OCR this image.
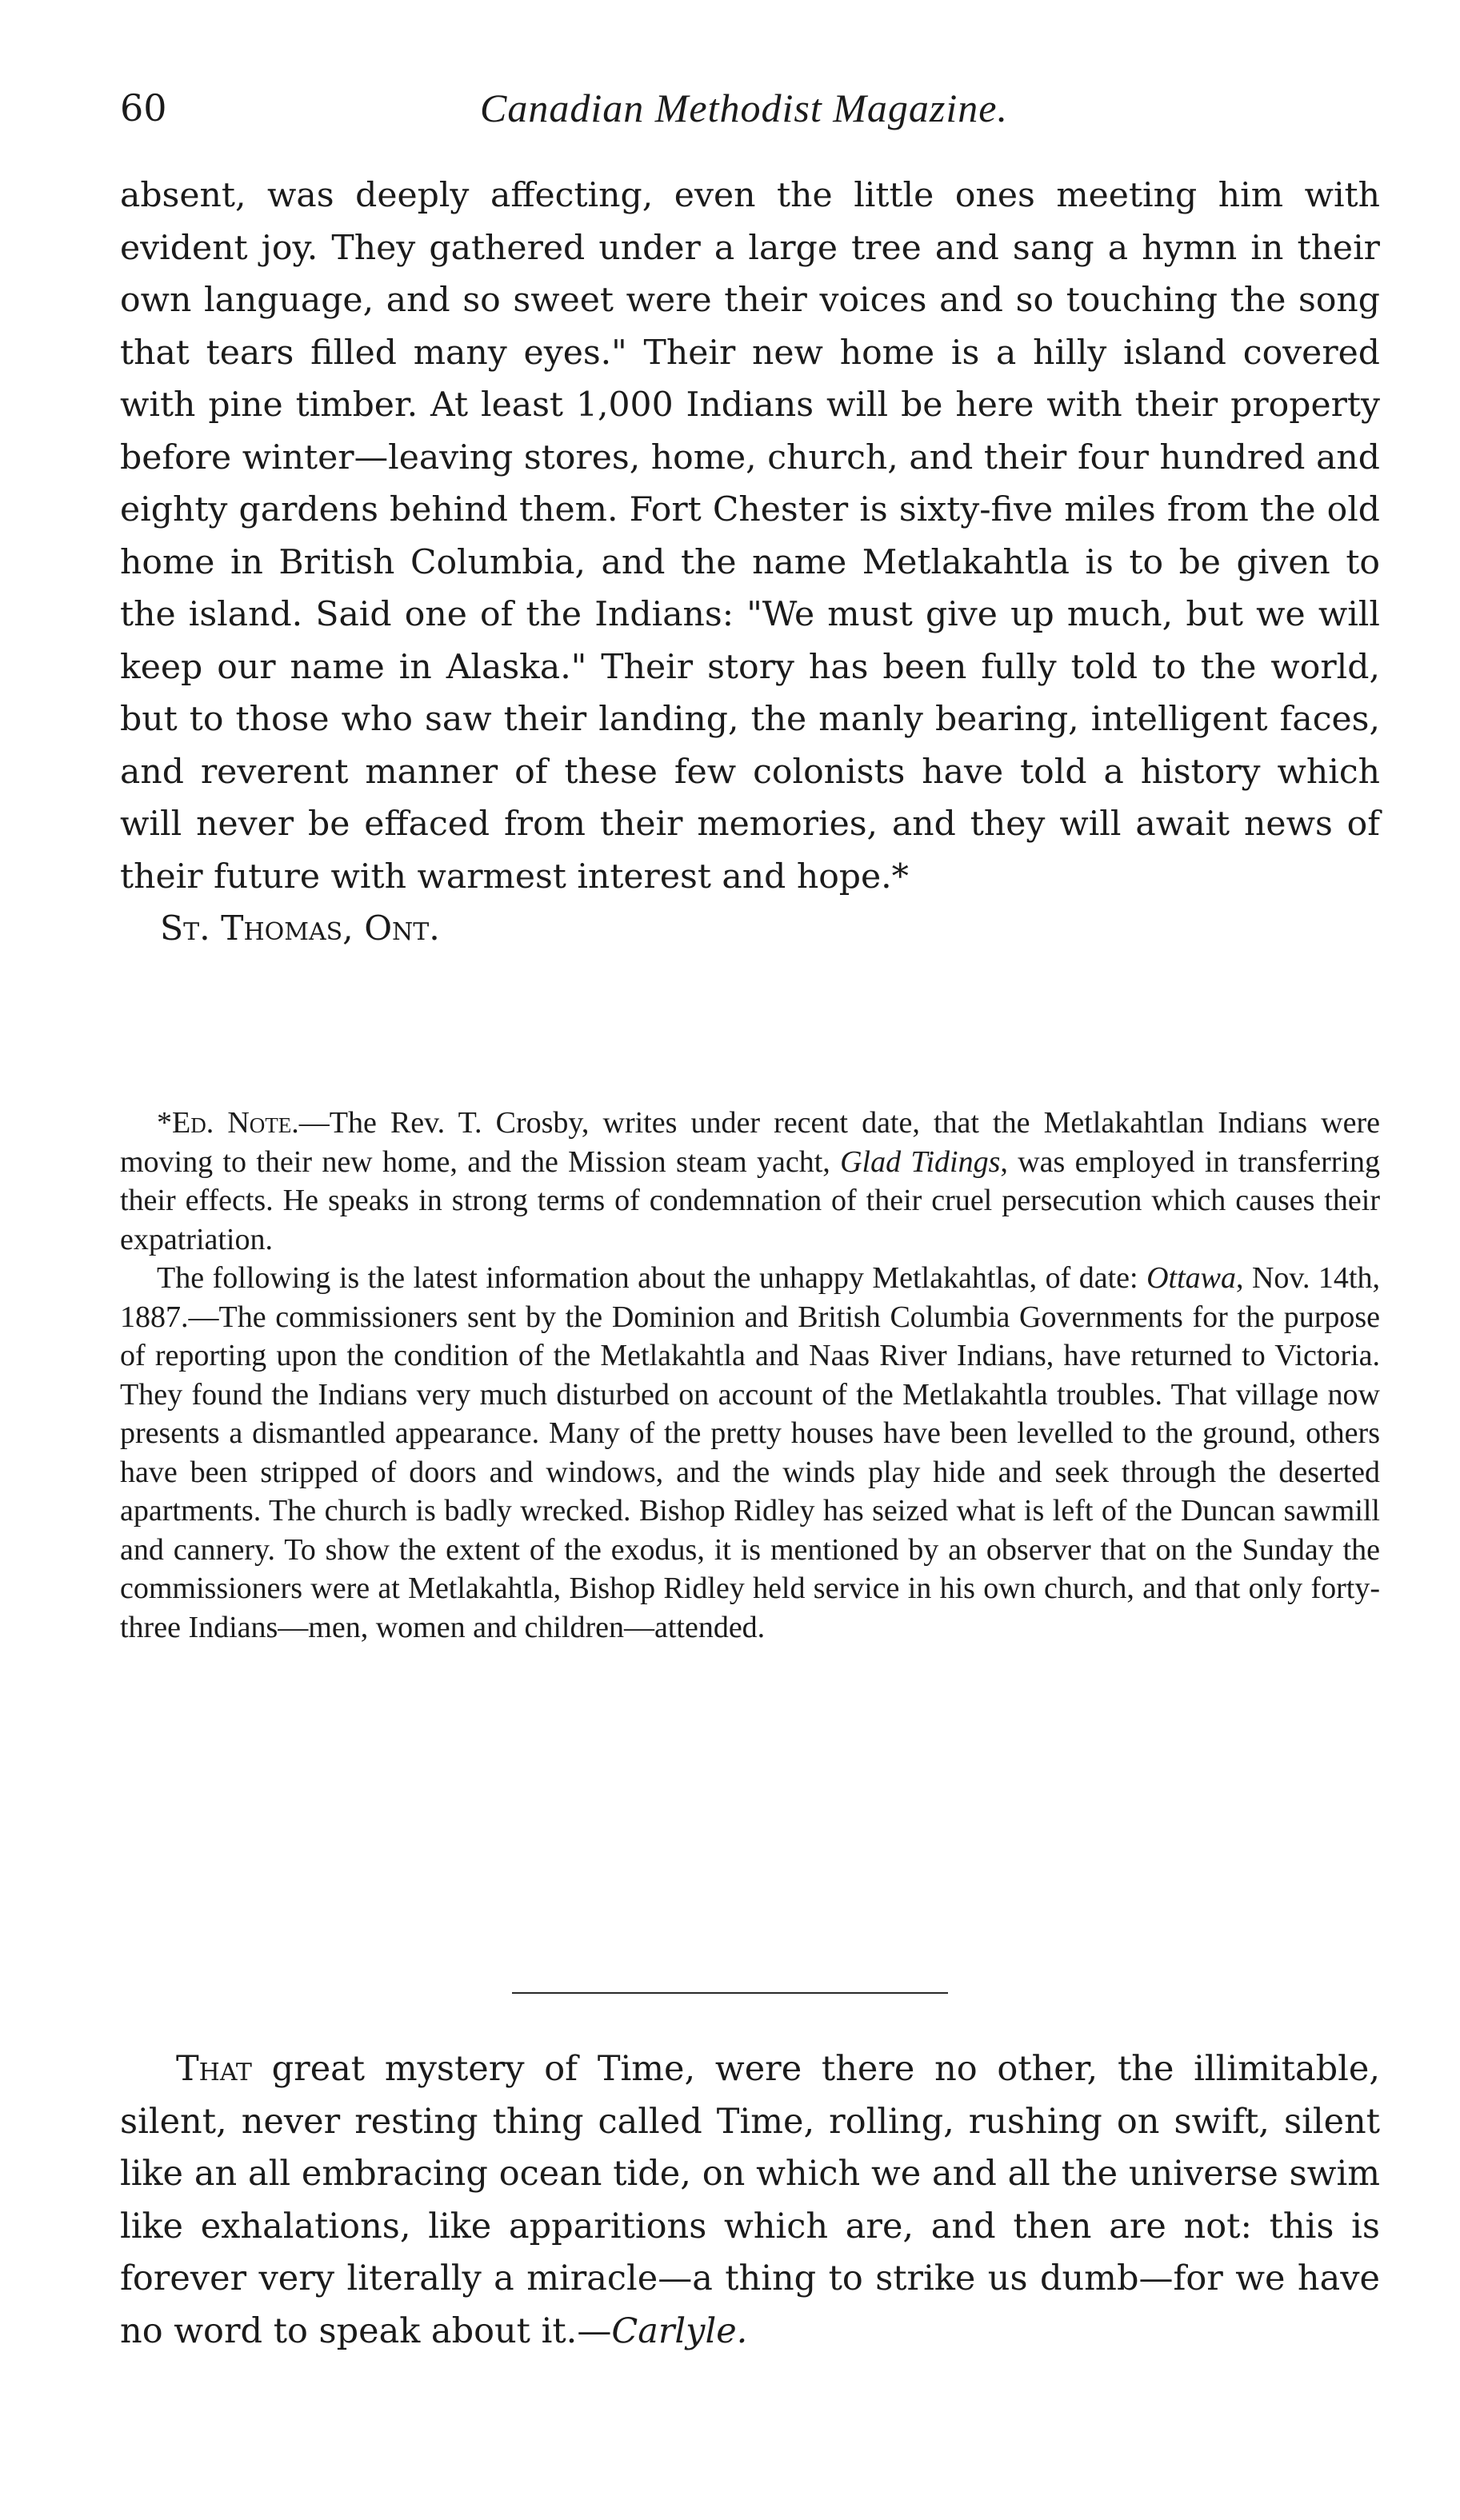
60	Canadian Methodist Magazine.

absent, was deeply affecting, even the little ones meeting him with evident joy. They gathered under a large tree and sang a hymn in their own language, and so sweet were their voices and so touching the song that tears filled many eyes." Their new home is a hilly island covered with pine timber. At least 1,000 Indians will be here with their property before winter—leaving stores, home, church, and their four hundred and eighty gardens behind them. Fort Chester is sixty-five miles from the old home in British Columbia, and the name Metlakahtla is to be given to the island. Said one of the Indians: "We must give up much, but we will keep our name in Alaska." Their story has been fully told to the world, but to those who saw their landing, the manly bearing, intelligent faces, and reverent manner of these few colonists have told a history which will never be effaced from their memories, and they will await news of their future with warmest interest and hope.*

St. Thomas, Ont.

*Ed. Note.—The Rev. T. Crosby, writes under recent date, that the Metlakahtlan Indians were moving to their new home, and the Mission steam yacht, Glad Tidings, was employed in transferring their effects. He speaks in strong terms of condemnation of their cruel persecution which causes their expatriation.

The following is the latest information about the unhappy Metlakahtlas, of date: Ottawa, Nov. 14th, 1887.—The commissioners sent by the Dominion and British Columbia Governments for the purpose of reporting upon the condition of the Metlakahtla and Naas River Indians, have returned to Victoria. They found the Indians very much disturbed on account of the Metlakahtla troubles. That village now presents a dismantled appearance. Many of the pretty houses have been levelled to the ground, others have been stripped of doors and windows, and the winds play hide and seek through the deserted apartments. The church is badly wrecked. Bishop Ridley has seized what is left of the Duncan sawmill and cannery. To show the extent of the exodus, it is mentioned by an observer that on the Sunday the commissioners were at Metlakahtla, Bishop Ridley held service in his own church, and that only forty-three Indians—men, women and children—attended.

That great mystery of Time, were there no other, the illimitable, silent, never resting thing called Time, rolling, rushing on swift, silent like an all embracing ocean tide, on which we and all the universe swim like exhalations, like apparitions which are, and then are not: this is forever very literally a miracle—a thing to strike us dumb—for we have no word to speak about it.—Carlyle.
